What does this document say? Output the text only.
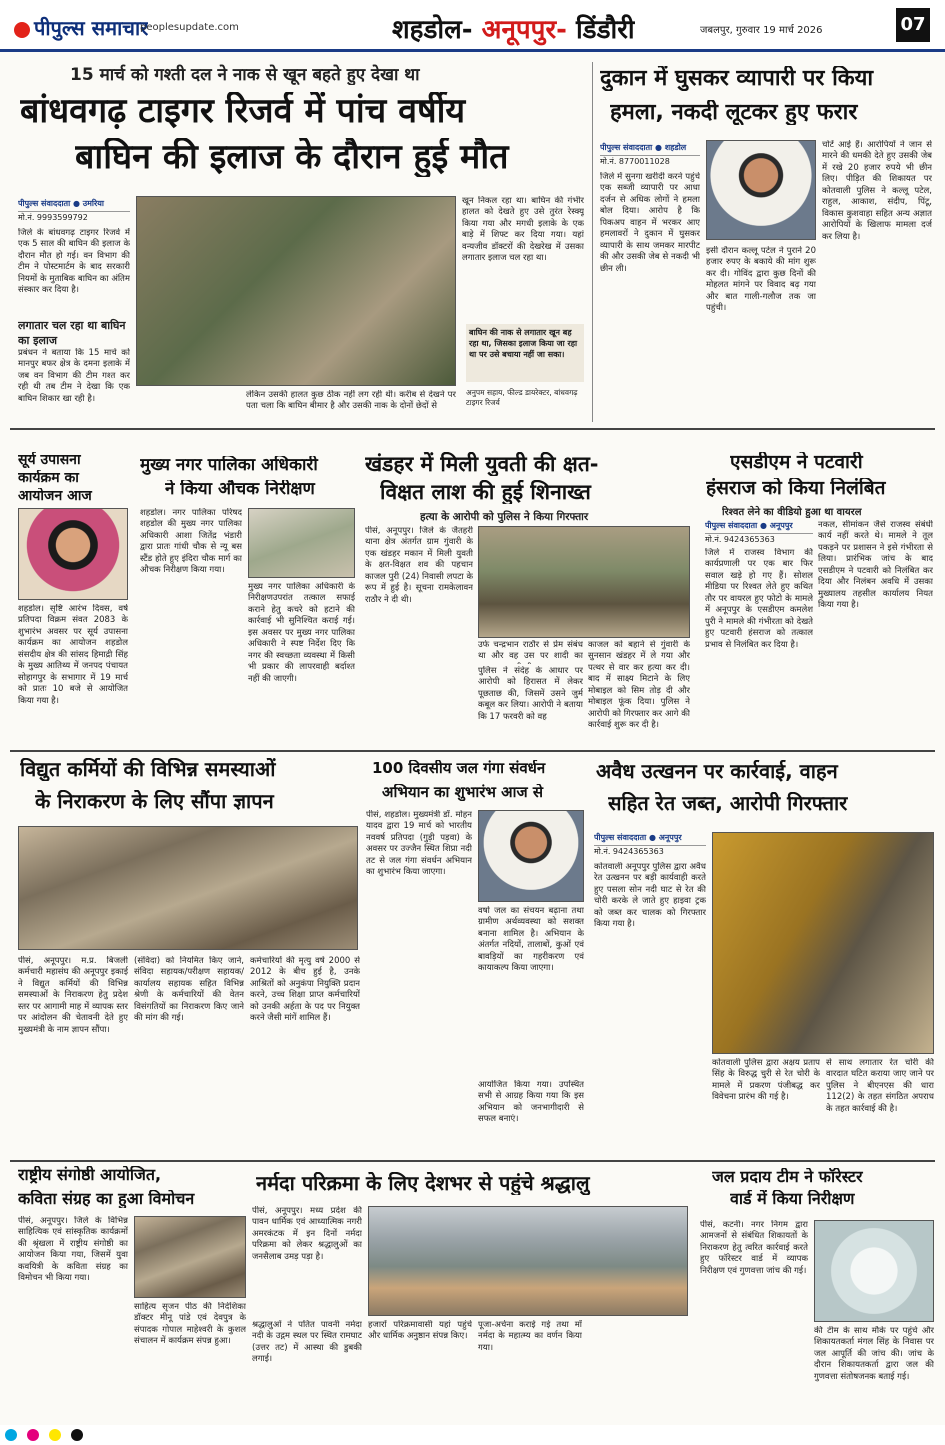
पीपुल्स समाचार
peoplesupdate.com	शहडोल- अनूपपुर- डिंडौरी	जबलपुर, गुरुवार 19 मार्च 2026	07
15 मार्च को गश्ती दल ने नाक से खून बहते हुए देखा था
बांधवगढ़ टाइगर रिजर्व में पांच वर्षीय
बाघिन की इलाज के दौरान हुई मौत
पीपुल्स संवाददाता ● उमरिया
मो.नं. 9993599792
जिले के बांधवगढ़ टाइगर रिजर्व में एक 5 साल की बाघिन की इलाज के दौरान मौत हो गई। वन विभाग की टीम ने पोस्टमार्टम के बाद सरकारी नियमों के मुताबिक बाघिन का अंतिम संस्कार कर दिया है।
लगातार चल रहा था बाघिन का इलाज
प्रबंधन ने बताया कि 15 मार्च को मानपुर बफर क्षेत्र के दमना इलाके में जब वन विभाग की टीम गश्त कर रही थी तब टीम ने देखा कि एक बाघिन शिकार खा रही है।	लेकिन उसकी हालत कुछ ठीक नहीं लग रही थी। करीब से देखने पर पता चला कि बाघिन बीमार है और उसकी नाक के दोनों छेदों से
खून निकल रहा था। बाघिन की गंभीर हालत को देखते हुए उसे तुरंत रेस्क्यू किया गया और मगधी इलाके के एक बाड़े में शिफ्ट कर दिया गया। यहां वन्यजीव डॉक्टरों की देखरेख में उसका लगातार इलाज चल रहा था।
बाघिन की नाक से लगातार खून बह रहा था, जिसका इलाज किया जा रहा था पर उसे बचाया नहीं जा सका।
अनुपम सहाय, फील्ड डायरेक्टर, बांधवगढ़ टाइगर रिजर्व
दुकान में घुसकर व्यापारी पर किया
हमला, नकदी लूटकर हुए फरार
पीपुल्स संवाददाता ● शहडोल
मो.नं. 8770011028
जिले में सुनगा खरीदी करने पहुंचे एक सब्जी व्यापारी पर आधा दर्जन से अधिक लोगों ने हमला बोल दिया। आरोप है कि पिकअप वाहन में भरकर आए हमलावरों ने दुकान में घुसकर व्यापारी के साथ जमकर मारपीट की और उसकी जेब से नकदी भी छीन ली।
इसी दौरान कल्लू पटेल ने पुराने 20 हजार रुपए के बकाये की मांग शुरू कर दी। गोविंद द्वारा कुछ दिनों की मोहलत मांगने पर विवाद बढ़ गया और बात गाली-गलौज तक जा पहुंची।
चोटें आई हैं। आरोपियों ने जान से मारने की धमकी देते हुए उसकी जेब में रखे 20 हजार रुपये भी छीन लिए। पीड़ित की शिकायत पर कोतवाली पुलिस ने कल्लू पटेल, राहुल, आकाश, संदीप, पिंटू, विकास कुशवाहा सहित अन्य अज्ञात आरोपियों के खिलाफ मामला दर्ज कर लिया है।
सूर्य उपासना
कार्यक्रम का
आयोजन आज
शहडोल। सृष्टि आरंभ दिवस, वर्ष प्रतिपदा विक्रम संवत 2083 के शुभारंभ अवसर पर सूर्य उपासना कार्यक्रम का आयोजन शहडोल संसदीय क्षेत्र की सांसद हिमाद्री सिंह के मुख्य आतिथ्य में जनपद पंचायत सोहागपुर के सभागार में 19 मार्च को प्रातः 10 बजे से आयोजित किया गया है।
मुख्य नगर पालिका अधिकारी
ने किया औचक निरीक्षण
शहडोल। नगर पालिका परिषद शहडोल की मुख्य नगर पालिका अधिकारी आशा जितेंद्र भंडारी द्वारा प्रातः गांधी चौक से न्यू बस स्टैंड होते हुए इंदिरा चौक मार्ग का औचक निरीक्षण किया गया।
मुख्य नगर पालिका अधिकारी के निरीक्षणउपरांत तत्काल सफाई कराने हेतु कचरे को हटाने की कार्रवाई भी सुनिश्चित कराई गई। इस अवसर पर मुख्य नगर पालिका अधिकारी ने स्पष्ट निर्देश दिए कि नगर की स्वच्छता व्यवस्था में किसी भी प्रकार की लापरवाही बर्दाश्त नहीं की जाएगी।
खंडहर में मिली युवती की क्षत-
विक्षत लाश की हुई शिनाख्त
हत्या के आरोपी को पुलिस ने किया गिरफ्तार
पीसं, अनूपपुर। जिले के जैतहरी थाना क्षेत्र अंतर्गत ग्राम गुंवारी के एक खंडहर मकान में मिली युवती के क्षत-विक्षत शव की पहचान काजल पुरी (24) निवासी लपटा के रूप में हुई है। सूचना रामकेलावन राठौर ने दी थी।
उर्फ चन्द्रभान राठौर से प्रेम संबंध था और वह उस पर शादी का
पुलिस ने संदेह के आधार पर आरोपी को हिरासत में लेकर पूछताछ की, जिसमें उसने जुर्म कबूल कर लिया। आरोपी ने बताया कि 17 फरवरी को वह
काजल को बहाने से गुंवारी के सुनसान खंडहर में ले गया और पत्थर से वार कर हत्या कर दी। बाद में साक्ष्य मिटाने के लिए मोबाइल को सिम तोड़ दी और मोबाइल फूंक दिया। पुलिस ने आरोपी को गिरफ्तार कर आगे की कार्रवाई शुरू कर दी है।
एसडीएम ने पटवारी
हंसराज को किया निलंबित
रिश्वत लेने का वीडियो हुआ था वायरल
पीपुल्स संवाददाता ● अनूपपुर
मो.नं. 9424365363
जिले में राजस्व विभाग की कार्यप्रणाली पर एक बार फिर सवाल खड़े हो गए हैं। सोशल मीडिया पर रिश्वत लेते हुए कथित तौर पर वायरल हुए फोटो के मामले में अनूपपुर के एसडीएम कमलेश पुरी ने मामले की गंभीरता को देखते हुए पटवारी हंसराज को तत्काल प्रभाव से निलंबित कर दिया है।
नकल, सीमांकन जैसे राजस्व संबंधी कार्य नहीं करते थे। मामले ने तूल पकड़ने पर प्रशासन ने इसे गंभीरता से लिया। प्रारंभिक जांच के बाद एसडीएम ने पटवारी को निलंबित कर दिया और निलंबन अवधि में उसका मुख्यालय तहसील कार्यालय नियत किया गया है।
विद्युत कर्मियों की विभिन्न समस्याओं
के निराकरण के लिए सौंपा ज्ञापन
पीसं, अनूपपुर। म.प्र. बिजली कर्मचारी महासंघ की अनूपपुर इकाई ने विद्युत कर्मियों की विभिन्न समस्याओं के निराकरण हेतु प्रदेश स्तर पर आगामी माह में व्यापक स्तर पर आंदोलन की चेतावनी देते हुए मुख्यमंत्री के नाम ज्ञापन सौंपा।
(संविदा) को नियमित किए जाने, संविदा सहायक/परीक्षण सहायक/कार्यालय सहायक सहित विभिन्न श्रेणी के कर्मचारियों की वेतन विसंगतियों का निराकरण किए जाने की मांग की गई।
कर्मचारियों की मृत्यु वर्ष 2000 से 2012 के बीच हुई है, उनके आश्रितों को अनुकंपा नियुक्ति प्रदान करने, उच्च शिक्षा प्राप्त कर्मचारियों को उनकी अर्हता के पद पर नियुक्त करने जैसी मांगें शामिल हैं।
100 दिवसीय जल गंगा संवर्धन
अभियान का शुभारंभ आज से
पीसं, शहडोल। मुख्यमंत्री डॉ. मोहन यादव द्वारा 19 मार्च को भारतीय नववर्ष प्रतिपदा (गुड़ी पड़वा) के अवसर पर उज्जैन स्थित शिप्रा नदी तट से जल गंगा संवर्धन अभियान का शुभारंभ किया जाएगा।
वर्षा जल का संचयन बढ़ाना तथा ग्रामीण अर्थव्यवस्था को सशक्त बनाना शामिल है। अभियान के अंतर्गत नदियों, तालाबों, कुओं एवं बावड़ियों का गहरीकरण एवं कायाकल्प किया जाएगा।
आयोजित किया गया। उपस्थित सभी से आग्रह किया गया कि इस अभियान को जनभागीदारी से सफल बनाएं।
अवैध उत्खनन पर कार्रवाई, वाहन
सहित रेत जब्त, आरोपी गिरफ्तार
पीपुल्स संवाददाता ● अनूपपुर
मो.नं. 9424365363
कोतवाली अनूपपुर पुलिस द्वारा अवैध रेत उत्खनन पर बड़ी कार्यवाही करते हुए पसला सोन नदी घाट से रेत की चोरी करके ले जाते हुए हाइवा ट्रक को जब्त कर चालक को गिरफ्तार किया गया है।
कोतवाली पुलिस द्वारा अक्षय प्रताप सिंह के विरुद्ध चुरी से रेत चोरी के मामले में प्रकरण पंजीबद्ध कर विवेचना प्रारंभ की गई है।
से साथ लगातार रेत चोरी की वारदात घटित कराया जाए जाने पर पुलिस ने बीएनएस की धारा 112(2) के तहत संगठित अपराध के तहत कार्रवाई की है।
राष्ट्रीय संगोष्ठी आयोजित,
कविता संग्रह का हुआ विमोचन
पीसं, अनूपपुर। जिले के विभिन्न साहित्यिक एवं सांस्कृतिक कार्यक्रमों की श्रृंखला में राष्ट्रीय संगोष्ठी का आयोजन किया गया, जिसमें युवा कवयित्री के कविता संग्रह का विमोचन भी किया गया।
साहित्य सृजन पीठ की निदेशिका डॉक्टर मीनू पांडे एवं देवपुत्र के संपादक गोपाल माहेश्वरी के कुशल संचालन में कार्यक्रम संपन्न हुआ।
नर्मदा परिक्रमा के लिए देशभर से पहुंचे श्रद्धालु
पीसं, अनूपपुर। मध्य प्रदेश की पावन धार्मिक एवं आध्यात्मिक नगरी अमरकंटक में इन दिनों नर्मदा परिक्रमा को लेकर श्रद्धालुओं का जनसैलाब उमड़ पड़ा है।
श्रद्धालुओं ने पतित पावनी नर्मदा नदी के उद्गम स्थल पर स्थित रामघाट (उत्तर तट) में आस्था की डुबकी लगाई।
हजारों परिक्रमावासी यहां पहुंचे और धार्मिक अनुष्ठान संपन्न किए।
पूजा-अर्चना कराई गई तथा माँ नर्मदा के महात्म्य का वर्णन किया गया।
जल प्रदाय टीम ने फॉरेस्टर
वार्ड में किया निरीक्षण
पीसं, कटनी। नगर निगम द्वारा आमजनों से संबंधित शिकायतों के निराकरण हेतु त्वरित कार्रवाई करते हुए फॉरेस्टर वार्ड में व्यापक निरीक्षण एवं गुणवत्ता जांच की गई।
की टीम के साथ मौके पर पहुंचे और शिकायतकर्ता मंगल सिंह के निवास पर जल आपूर्ति की जांच की। जांच के दौरान शिकायतकर्ता द्वारा जल की गुणवत्ता संतोषजनक बताई गई।
